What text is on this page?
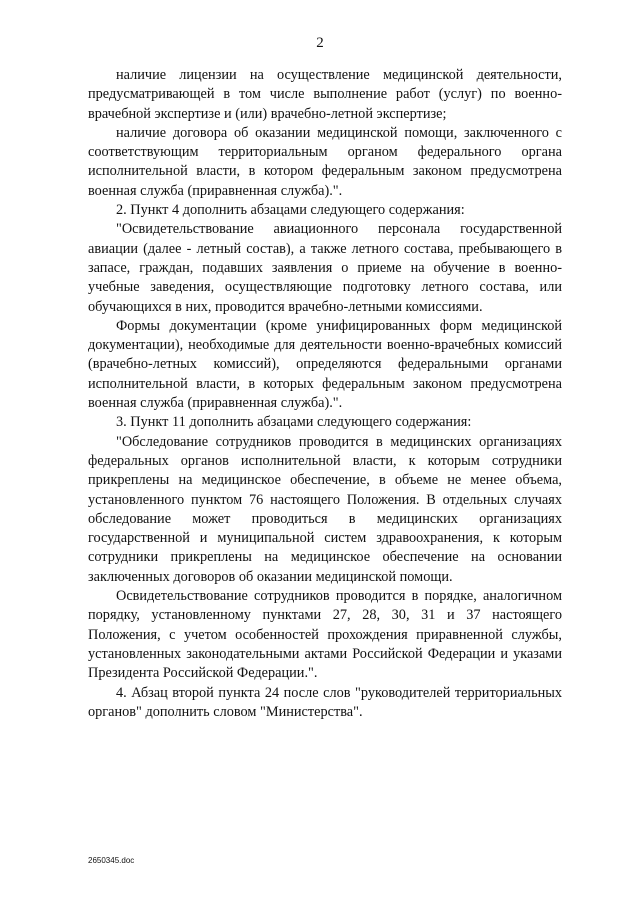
2

наличие лицензии на осуществление медицинской деятельности, предусматривающей в том числе выполнение работ (услуг) по военно-врачебной экспертизе и (или) врачебно-летной экспертизе;

наличие договора об оказании медицинской помощи, заключенного с соответствующим территориальным органом федерального органа исполнительной власти, в котором федеральным законом предусмотрена военная служба (приравненная служба).".

2. Пункт 4 дополнить абзацами следующего содержания:

"Освидетельствование авиационного персонала государственной авиации (далее - летный состав), а также летного состава, пребывающего в запасе, граждан, подавших заявления о приеме на обучение в военно-учебные заведения, осуществляющие подготовку летного состава, или обучающихся в них, проводится врачебно-летными комиссиями.

Формы документации (кроме унифицированных форм медицинской документации), необходимые для деятельности военно-врачебных комиссий (врачебно-летных комиссий), определяются федеральными органами исполнительной власти, в которых федеральным законом предусмотрена военная служба (приравненная служба).".

3. Пункт 11 дополнить абзацами следующего содержания:

"Обследование сотрудников проводится в медицинских организациях федеральных органов исполнительной власти, к которым сотрудники прикреплены на медицинское обеспечение, в объеме не менее объема, установленного пунктом 76 настоящего Положения. В отдельных случаях обследование может проводиться в медицинских организациях государственной и муниципальной систем здравоохранения, к которым сотрудники прикреплены на медицинское обеспечение на основании заключенных договоров об оказании медицинской помощи.

Освидетельствование сотрудников проводится в порядке, аналогичном порядку, установленному пунктами 27, 28, 30, 31 и 37 настоящего Положения, с учетом особенностей прохождения приравненной службы, установленных законодательными актами Российской Федерации и указами Президента Российской Федерации.".

4. Абзац второй пункта 24 после слов "руководителей территориальных органов" дополнить словом "Министерства".

2650345.doc
